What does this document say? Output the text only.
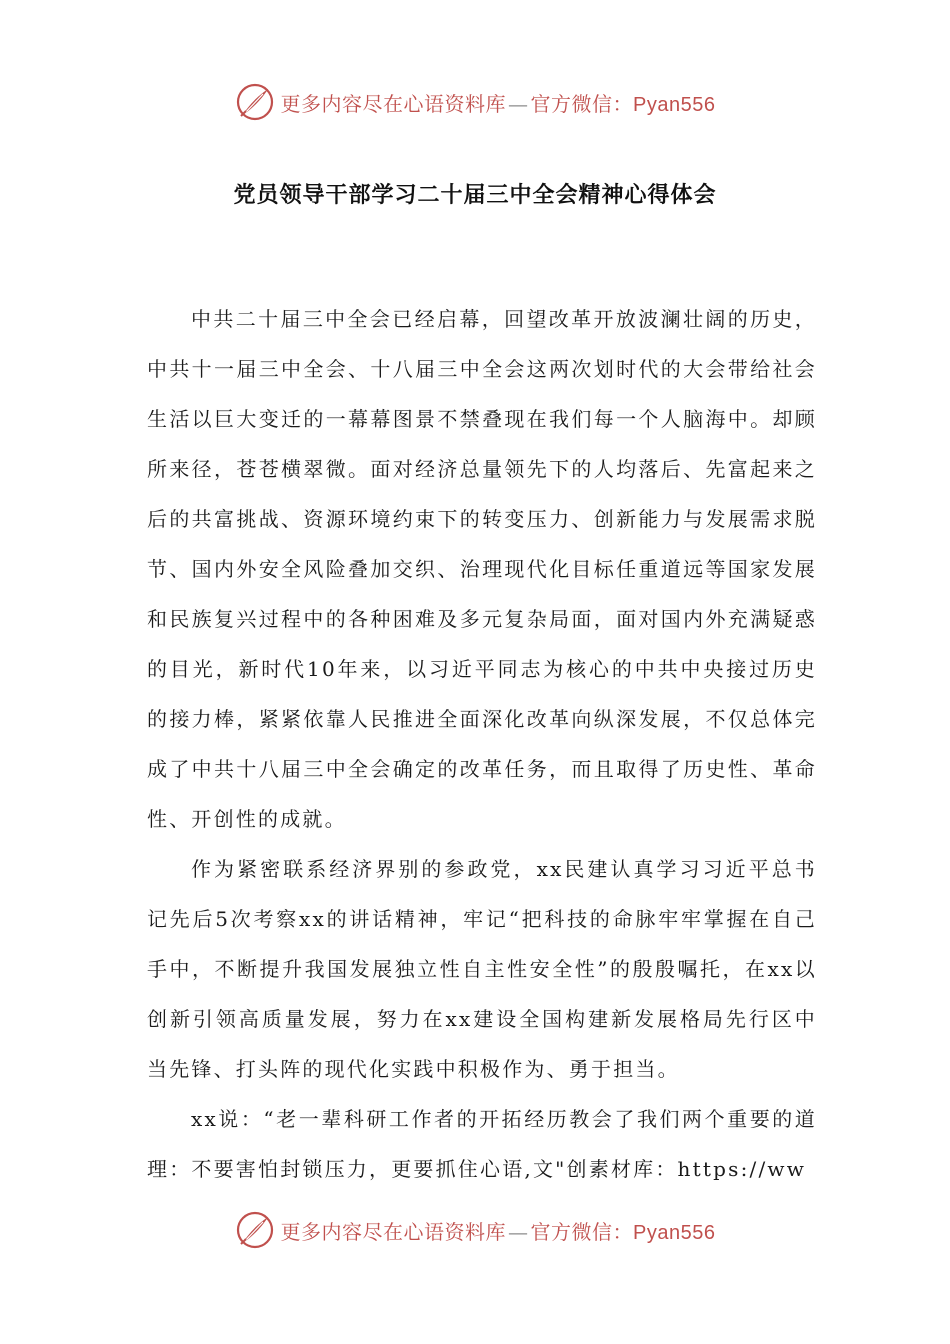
更多内容尽在心语资料库 — 官方微信：Pyan556
党员领导干部学习二十届三中全会精神心得体会

中共二十届三中全会已经启幕，回望改革开放波澜壮阔的历史，中共十一届三中全会、十八届三中全会这两次划时代的大会带给社会生活以巨大变迁的一幕幕图景不禁叠现在我们每一个人脑海中。却顾所来径，苍苍横翠微。面对经济总量领先下的人均落后、先富起来之后的共富挑战、资源环境约束下的转变压力、创新能力与发展需求脱节、国内外安全风险叠加交织、治理现代化目标任重道远等国家发展和民族复兴过程中的各种困难及多元复杂局面，面对国内外充满疑惑的目光，新时代10年来，以习近平同志为核心的中共中央接过历史的接力棒，紧紧依靠人民推进全面深化改革向纵深发展，不仅总体完成了中共十八届三中全会确定的改革任务，而且取得了历史性、革命性、开创性的成就。

作为紧密联系经济界别的参政党，xx民建认真学习习近平总书记先后5次考察xx的讲话精神，牢记“把科技的命脉牢牢掌握在自己手中，不断提升我国发展独立性自主性安全性”的殷殷嘱托，在xx以创新引领高质量发展，努力在xx建设全国构建新发展格局先行区中当先锋、打头阵的现代化实践中积极作为、勇于担当。

xx说：“老一辈科研工作者的开拓经历教会了我们两个重要的道理：不要害怕封锁压力，更要抓住心语,文"创素材库：https://ww

更多内容尽在心语资料库 — 官方微信：Pyan556
